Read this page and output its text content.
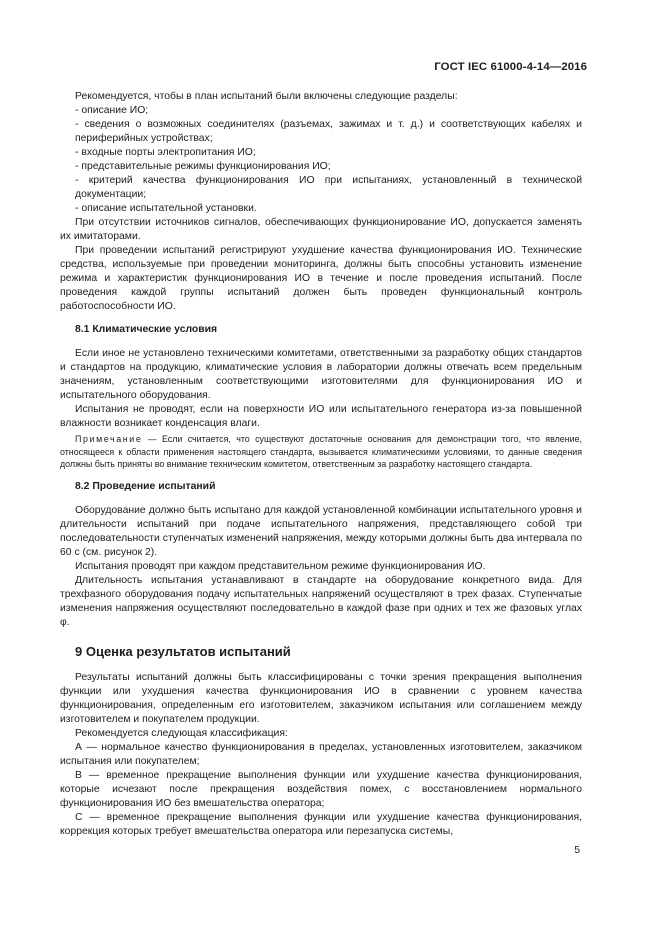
ГОСТ IEC 61000-4-14—2016

Рекомендуется, чтобы в план испытаний были включены следующие разделы:

- описание ИО;

- сведения о возможных соединителях (разъемах, зажимах и т. д.) и соответствующих кабелях и периферийных устройствах;

- входные порты электропитания ИО;

- представительные режимы функционирования ИО;

- критерий качества функционирования ИО при испытаниях, установленный в технической документации;

- описание испытательной установки.

При отсутствии источников сигналов, обеспечивающих функционирование ИО, допускается заменять их имитаторами.

При проведении испытаний регистрируют ухудшение качества функционирования ИО. Технические средства, используемые при проведении мониторинга, должны быть способны установить изменение режима и характеристик функционирования ИО в течение и после проведения испытаний. После проведения каждой группы испытаний должен быть проведен функциональный контроль работоспособности ИО.

8.1 Климатические условия

Если иное не установлено техническими комитетами, ответственными за разработку общих стандартов и стандартов на продукцию, климатические условия в лаборатории должны отвечать всем предельным значениям, установленным соответствующими изготовителями для функционирования ИО и испытательного оборудования.

Испытания не проводят, если на поверхности ИО или испытательного генератора из-за повышенной влажности возникает конденсация влаги.

Примечание — Если считается, что существуют достаточные основания для демонстрации того, что явление, относящееся к области применения настоящего стандарта, вызывается климатическими условиями, то данные сведения должны быть приняты во внимание техническим комитетом, ответственным за разработку настоящего стандарта.

8.2 Проведение испытаний

Оборудование должно быть испытано для каждой установленной комбинации испытательного уровня и длительности испытаний при подаче испытательного напряжения, представляющего собой три последовательности ступенчатых изменений напряжения, между которыми должны быть два интервала по 60 с (см. рисунок 2).

Испытания проводят при каждом представительном режиме функционирования ИО.

Длительность испытания устанавливают в стандарте на оборудование конкретного вида. Для трехфазного оборудования подачу испытательных напряжений осуществляют в трех фазах. Ступенчатые изменения напряжения осуществляют последовательно в каждой фазе при одних и тех же фазовых углах φ.

9 Оценка результатов испытаний

Результаты испытаний должны быть классифицированы с точки зрения прекращения выполнения функции или ухудшения качества функционирования ИО в сравнении с уровнем качества функционирования, определенным его изготовителем, заказчиком испытания или соглашением между изготовителем и покупателем продукции.

Рекомендуется следующая классификация:

А — нормальное качество функционирования в пределах, установленных изготовителем, заказчиком испытания или покупателем;

В — временное прекращение выполнения функции или ухудшение качества функционирования, которые исчезают после прекращения воздействия помех, с восстановлением нормального функционирования ИО без вмешательства оператора;

С — временное прекращение выполнения функции или ухудшение качества функционирования, коррекция которых требует вмешательства оператора или перезапуска системы,

5
